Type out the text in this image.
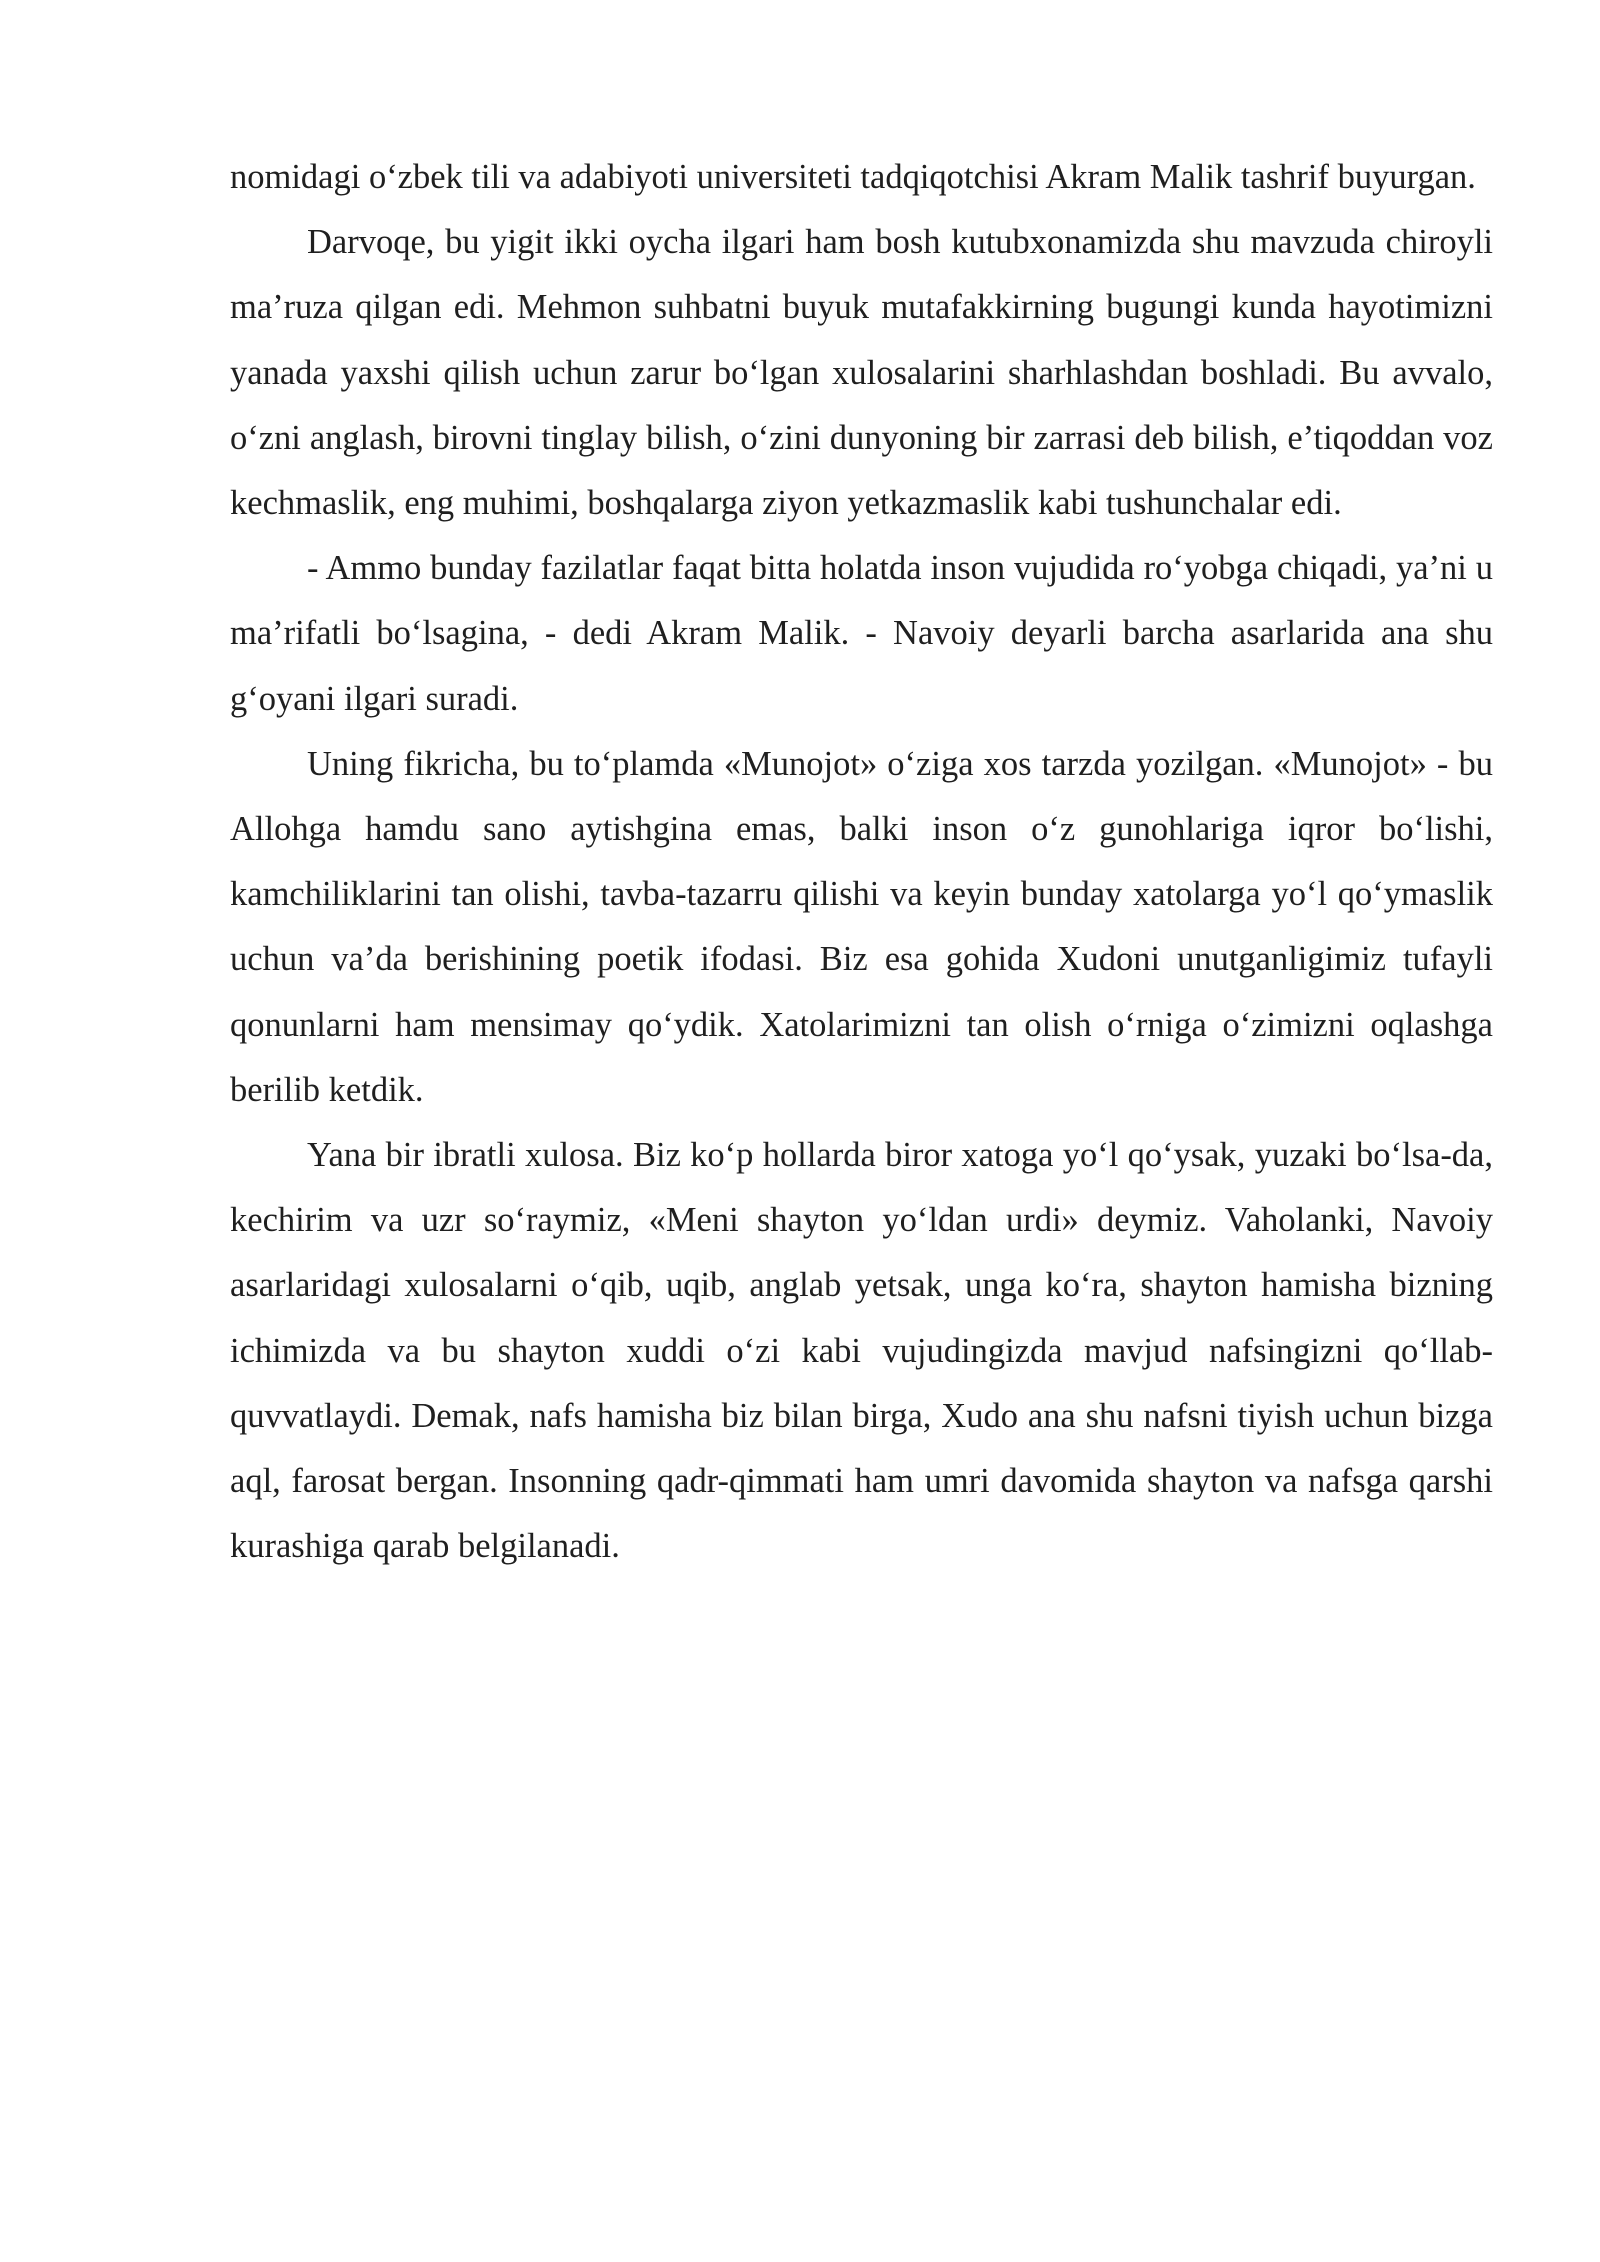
nomidagi o‘zbek tili va adabiyoti universiteti tadqiqotchisi Akram Malik tashrif buyurgan.

Darvoqe, bu yigit ikki oycha ilgari ham bosh kutubxonamizda shu mavzuda chiroyli ma’ruza qilgan edi. Mehmon suhbatni buyuk mutafakkirning bugungi kunda hayotimizni yanada yaxshi qilish uchun zarur bo‘lgan xulosalarini sharhlashdan boshladi. Bu avvalo, o‘zni anglash, birovni tinglay bilish, o‘zini dunyoning bir zarrasi deb bilish, e’tiqoddan voz kechmaslik, eng muhimi, boshqalarga ziyon yetkazmaslik kabi tushunchalar edi.

- Ammo bunday fazilatlar faqat bitta holatda inson vujudida ro‘yobga chiqadi, ya’ni u ma’rifatli bo‘lsagina, - dedi Akram Malik. - Navoiy deyarli barcha asarlarida ana shu g‘oyani ilgari suradi.

Uning fikricha, bu to‘plamda «Munojot» o‘ziga xos tarzda yozilgan. «Munojot» - bu Allohga hamdu sano aytishgina emas, balki inson o‘z gunohlariga iqror bo‘lishi, kamchiliklarini tan olishi, tavba-tazarru qilishi va keyin bunday xatolarga yo‘l qo‘ymaslik uchun va’da berishining poetik ifodasi. Biz esa gohida Xudoni unutganligimiz tufayli qonunlarni ham mensimay qo‘ydik. Xatolarimizni tan olish o‘rniga o‘zimizni oqlashga berilib ketdik.

Yana bir ibratli xulosa. Biz ko‘p hollarda biror xatoga yo‘l qo‘ysak, yuzaki bo‘lsa-da, kechirim va uzr so‘raymiz, «Meni shayton yo‘ldan urdi» deymiz. Vaholanki, Navoiy asarlaridagi xulosalarni o‘qib, uqib, anglab yetsak, unga ko‘ra, shayton hamisha bizning ichimizda va bu shayton xuddi o‘zi kabi vujudingizda mavjud nafsingizni qo‘llab-quvvatlaydi. Demak, nafs hamisha biz bilan birga, Xudo ana shu nafsni tiyish uchun bizga aql, farosat bergan. Insonning qadr-qimmati ham umri davomida shayton va nafsga qarshi kurashiga qarab belgilanadi.
